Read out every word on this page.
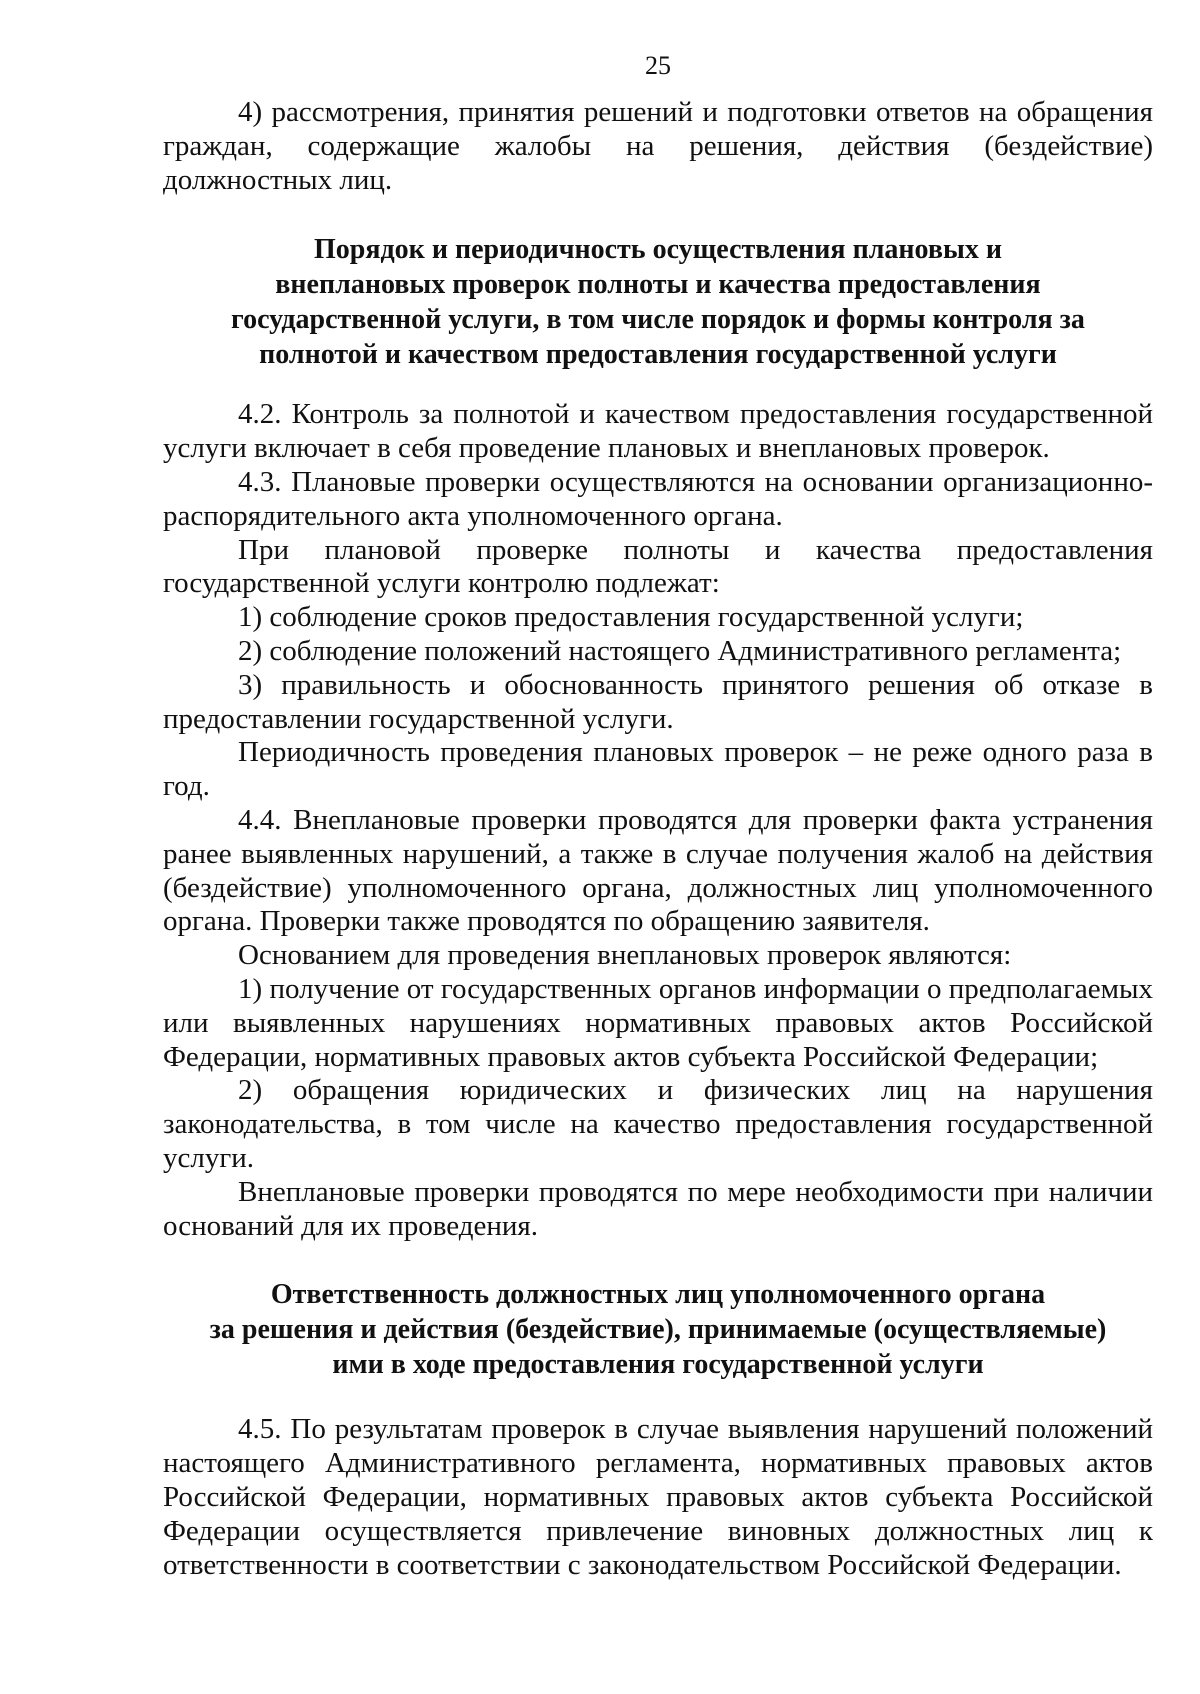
25

4) рассмотрения, принятия решений и подготовки ответов на обращения граждан, содержащие жалобы на решения, действия (бездействие) должностных лиц.

Порядок и периодичность осуществления плановых и
внеплановых проверок полноты и качества предоставления
государственной услуги, в том числе порядок и формы контроля за
полнотой и качеством предоставления государственной услуги

4.2. Контроль за полнотой и качеством предоставления государственной услуги включает в себя проведение плановых и внеплановых проверок.

4.3. Плановые проверки осуществляются на основании организационно-распорядительного акта уполномоченного органа.

При плановой проверке полноты и качества предоставления государственной услуги контролю подлежат:

1) соблюдение сроков предоставления государственной услуги;

2) соблюдение положений настоящего Административного регламента;

3) правильность и обоснованность принятого решения об отказе в предоставлении государственной услуги.

Периодичность проведения плановых проверок – не реже одного раза в год.

4.4. Внеплановые проверки проводятся для проверки факта устранения ранее выявленных нарушений, а также в случае получения жалоб на действия (бездействие) уполномоченного органа, должностных лиц уполномоченного органа. Проверки также проводятся по обращению заявителя.

Основанием для проведения внеплановых проверок являются:

1) получение от государственных органов информации о предполагаемых или выявленных нарушениях нормативных правовых актов Российской Федерации, нормативных правовых актов субъекта Российской Федерации;

2) обращения юридических и физических лиц на нарушения законодательства, в том числе на качество предоставления государственной услуги.

Внеплановые проверки проводятся по мере необходимости при наличии оснований для их проведения.

Ответственность должностных лиц уполномоченного органа
за решения и действия (бездействие), принимаемые (осуществляемые)
ими в ходе предоставления государственной услуги

4.5. По результатам проверок в случае выявления нарушений положений настоящего Административного регламента, нормативных правовых актов Российской Федерации, нормативных правовых актов субъекта Российской Федерации осуществляется привлечение виновных должностных лиц к ответственности в соответствии с законодательством Российской Федерации.
